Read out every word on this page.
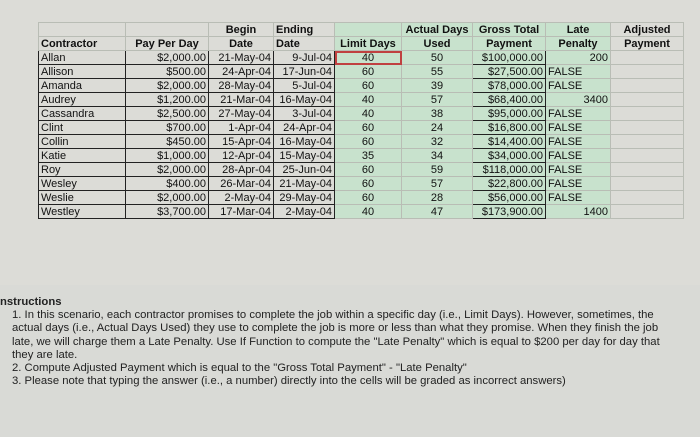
		Begin	Ending		Actual Days	Gross Total	Late	Adjusted
Contractor	Pay Per Day	Date	Date	Limit Days	Used	Payment	Penalty	Payment
Allan	$2,000.00	21-May-04	9-Jul-04	40	50	$100,000.00	200	
Allison	$500.00	24-Apr-04	17-Jun-04	60	55	$27,500.00	FALSE	
Amanda	$2,000.00	28-May-04	5-Jul-04	60	39	$78,000.00	FALSE	
Audrey	$1,200.00	21-Mar-04	16-May-04	40	57	$68,400.00	3400	
Cassandra	$2,500.00	27-May-04	3-Jul-04	40	38	$95,000.00	FALSE	
Clint	$700.00	1-Apr-04	24-Apr-04	60	24	$16,800.00	FALSE	
Collin	$450.00	15-Apr-04	16-May-04	60	32	$14,400.00	FALSE	
Katie	$1,000.00	12-Apr-04	15-May-04	35	34	$34,000.00	FALSE	
Roy	$2,000.00	28-Apr-04	25-Jun-04	60	59	$118,000.00	FALSE	
Wesley	$400.00	26-Mar-04	21-May-04	60	57	$22,800.00	FALSE	
Weslie	$2,000.00	2-May-04	29-May-04	60	28	$56,000.00	FALSE	
Westley	$3,700.00	17-Mar-04	2-May-04	40	47	$173,900.00	1400	
nstructions
1. In this scenario, each contractor promises to complete the job within a specific day (i.e., Limit Days). However, sometimes, the
actual days (i.e., Actual Days Used) they use to complete the job is more or less than what they promise. When they finish the job
late, we will charge them a Late Penalty. Use If Function to compute the "Late Penalty" which is equal to $200 per day for day that
they are late.
2. Compute Adjusted Payment which is equal to the "Gross Total Payment" - "Late Penalty"
3. Please note that typing the answer (i.e., a number) directly into the cells will be graded as incorrect answers)
